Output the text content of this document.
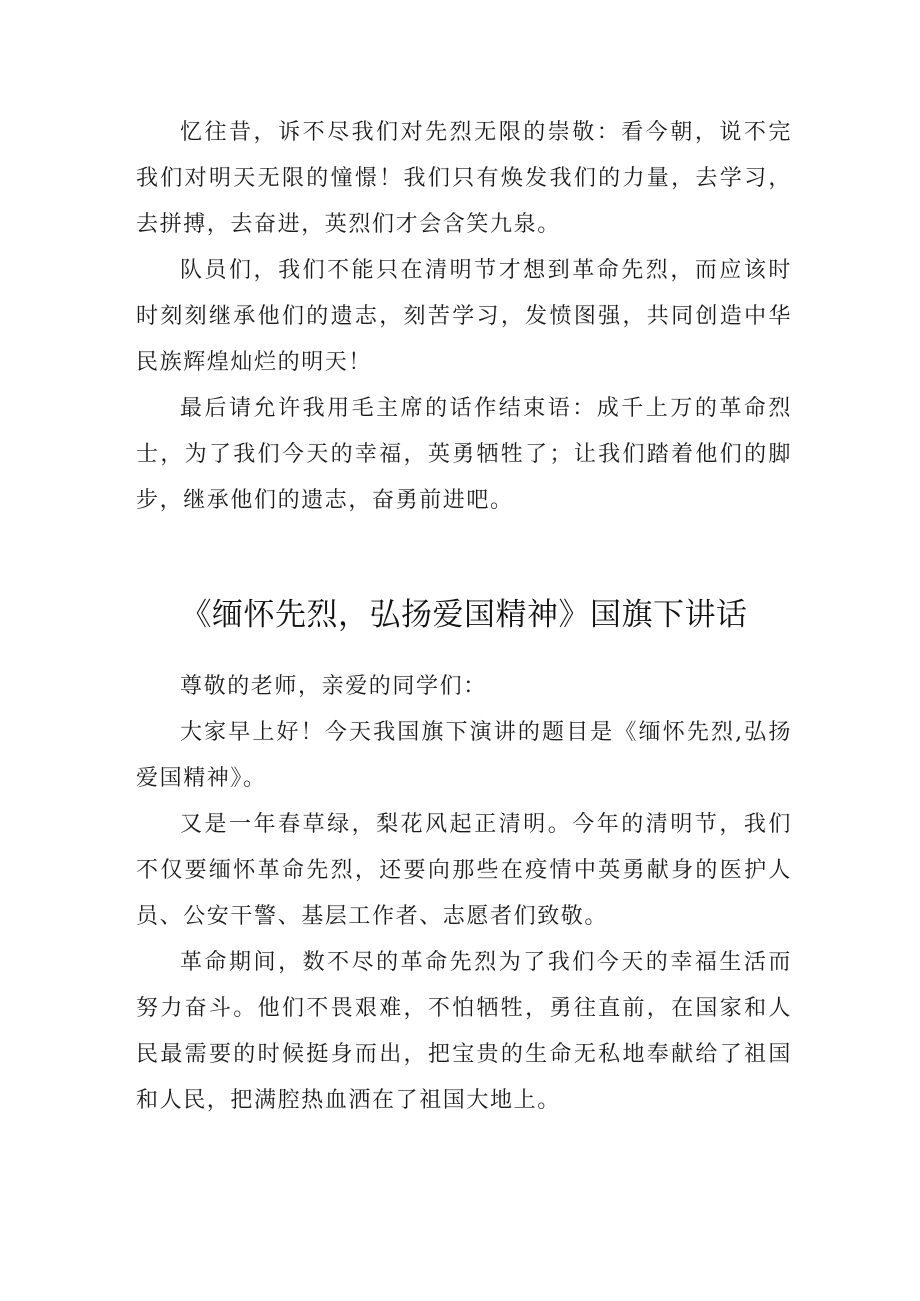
忆往昔，诉不尽我们对先烈无限的崇敬：看今朝，说不完我们对明天无限的憧憬！我们只有焕发我们的力量，去学习，去拼搏，去奋进，英烈们才会含笑九泉。

队员们，我们不能只在清明节才想到革命先烈，而应该时时刻刻继承他们的遗志，刻苦学习，发愤图强，共同创造中华民族辉煌灿烂的明天！

最后请允许我用毛主席的话作结束语：成千上万的革命烈士，为了我们今天的幸福，英勇牺牲了；让我们踏着他们的脚步，继承他们的遗志，奋勇前进吧。

《缅怀先烈，弘扬爱国精神》国旗下讲话

尊敬的老师，亲爱的同学们：

大家早上好！今天我国旗下演讲的题目是《缅怀先烈,弘扬爱国精神》。

又是一年春草绿，梨花风起正清明。今年的清明节，我们不仅要缅怀革命先烈，还要向那些在疫情中英勇献身的医护人员、公安干警、基层工作者、志愿者们致敬。

革命期间，数不尽的革命先烈为了我们今天的幸福生活而努力奋斗。他们不畏艰难，不怕牺牲，勇往直前，在国家和人民最需要的时候挺身而出，把宝贵的生命无私地奉献给了祖国和人民，把满腔热血洒在了祖国大地上。
